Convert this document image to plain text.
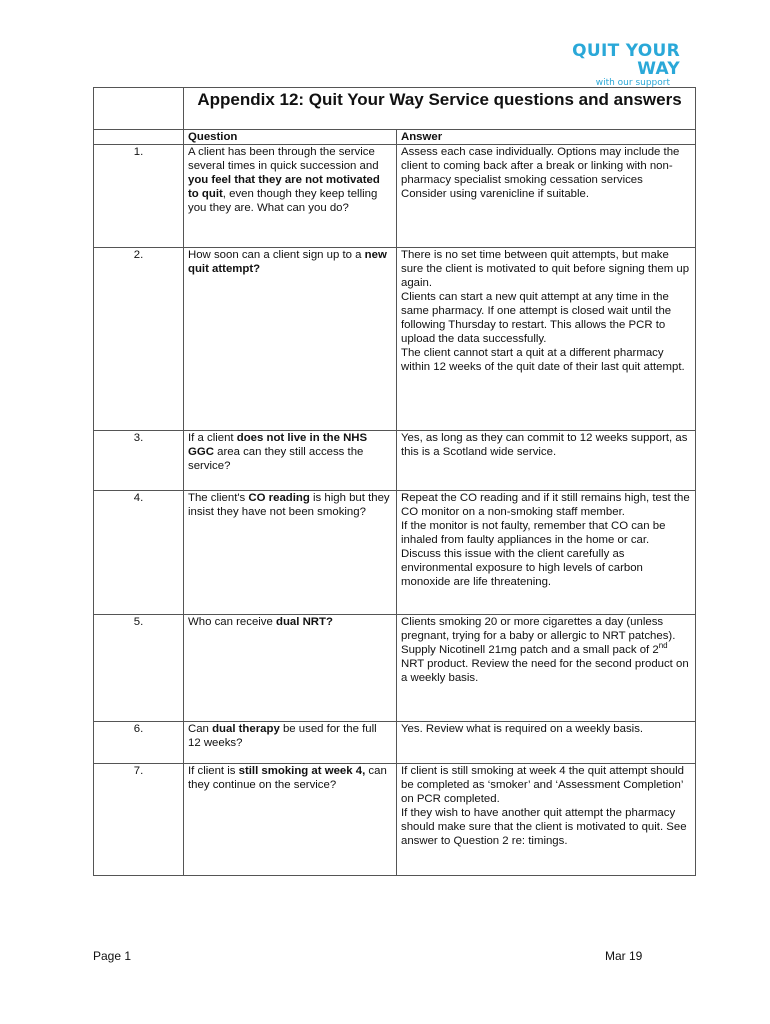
QUIT YOUR WAY
with our support
	Appendix 12: Quit Your Way Service questions and answers	
	Question	Answer
1.	A client has been through the service several times in quick succession and you feel that they are not motivated to quit, even though they keep telling you they are. What can you do?	Assess each case individually. Options may include the client to coming back after a break or linking with non-pharmacy specialist smoking cessation services
Consider using varenicline if suitable.
2.	How soon can a client sign up to a new quit attempt?	There is no set time between quit attempts, but make sure the client is motivated to quit before signing them up again.
Clients can start a new quit attempt at any time in the same pharmacy. If one attempt is closed wait until the following Thursday to restart. This allows the PCR to upload the data successfully.
The client cannot start a quit at a different pharmacy within 12 weeks of the quit date of their last quit attempt.
3.	If a client does not live in the NHS GGC area can they still access the service?	Yes, as long as they can commit to 12 weeks support, as this is a Scotland wide service.
4.	The client's CO reading is high but they insist they have not been smoking?	Repeat the CO reading and if it still remains high, test the CO monitor on a non-smoking staff member.
If the monitor is not faulty, remember that CO can be inhaled from faulty appliances in the home or car.
Discuss this issue with the client carefully as environmental exposure to high levels of carbon monoxide are life threatening.
5.	Who can receive dual NRT?	Clients smoking 20 or more cigarettes a day (unless pregnant, trying for a baby or allergic to NRT patches).
Supply Nicotinell 21mg patch and a small pack of 2nd NRT product. Review the need for the second product on a weekly basis.
6.	Can dual therapy be used for the full 12 weeks?	Yes. Review what is required on a weekly basis.
7.	If client is still smoking at week 4, can they continue on the service?	If client is still smoking at week 4 the quit attempt should be completed as ‘smoker’ and ‘Assessment Completion’ on PCR completed.
If they wish to have another quit attempt the pharmacy should make sure that the client is motivated to quit. See answer to Question 2 re: timings.
Page 1	Mar 19
